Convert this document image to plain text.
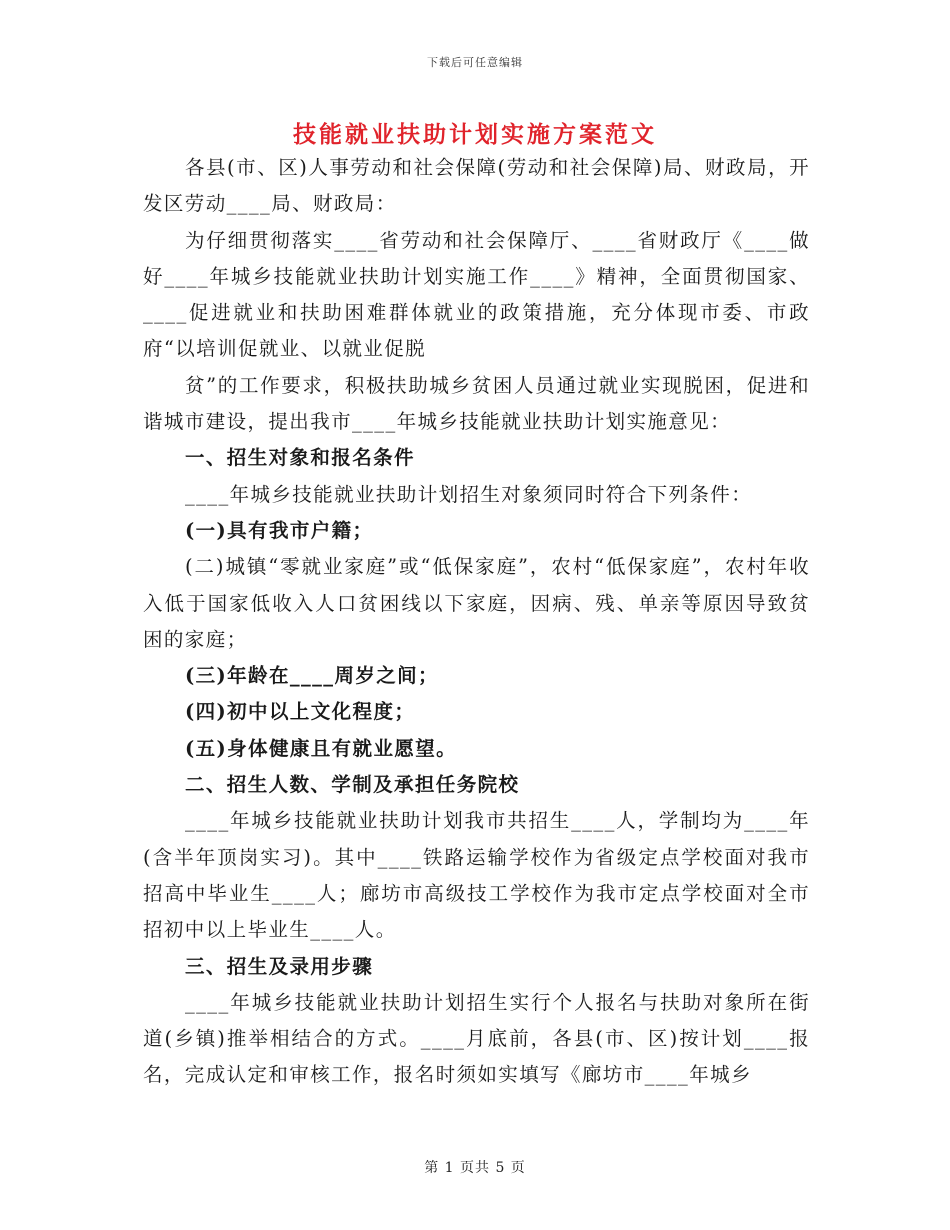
下载后可任意编辑
技能就业扶助计划实施方案范文

各县(市、区)人事劳动和社会保障(劳动和社会保障)局、财政局，开发区劳动____局、财政局：

为仔细贯彻落实____省劳动和社会保障厅、____省财政厅《____做好____年城乡技能就业扶助计划实施工作____》精神，全面贯彻国家、____促进就业和扶助困难群体就业的政策措施，充分体现市委、市政府“以培训促就业、以就业促脱

贫”的工作要求，积极扶助城乡贫困人员通过就业实现脱困，促进和谐城市建设，提出我市____年城乡技能就业扶助计划实施意见：

一、招生对象和报名条件

____年城乡技能就业扶助计划招生对象须同时符合下列条件：

(一)具有我市户籍；

(二)城镇“零就业家庭”或“低保家庭”，农村“低保家庭”，农村年收入低于国家低收入人口贫困线以下家庭，因病、残、单亲等原因导致贫困的家庭；

(三)年龄在____周岁之间；

(四)初中以上文化程度；

(五)身体健康且有就业愿望。

二、招生人数、学制及承担任务院校

____年城乡技能就业扶助计划我市共招生____人，学制均为____年(含半年顶岗实习)。其中____铁路运输学校作为省级定点学校面对我市招高中毕业生____人；廊坊市高级技工学校作为我市定点学校面对全市招初中以上毕业生____人。

三、招生及录用步骤

____年城乡技能就业扶助计划招生实行个人报名与扶助对象所在街道(乡镇)推举相结合的方式。____月底前，各县(市、区)按计划____报名，完成认定和审核工作，报名时须如实填写《廊坊市____年城乡

第 1 页共 5 页
